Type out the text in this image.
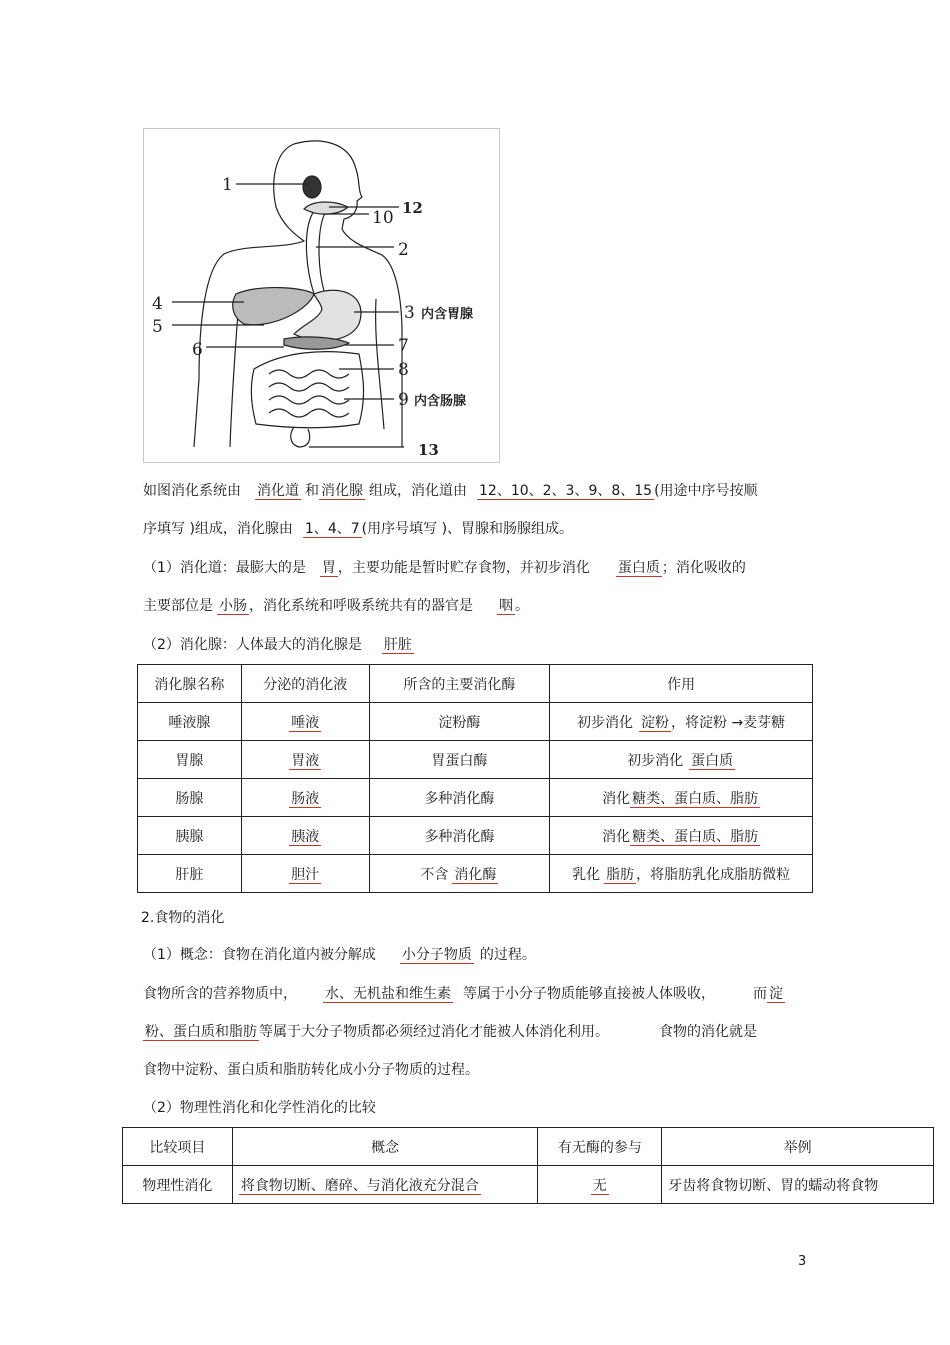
1
12
10
2
4
5
6
3 内含胃腺
7
8
9 内含肠腺
13
如图消化系统由 消化道 和 消化腺 组成，消化道由 12、10、2、3、9、8、15 (用途中序号按顺
序填写 )组成，消化腺由 1、4、7 (用序号填写 )、胃腺和肠腺组成。
（1）消化道：最膨大的是 胃 ，主要功能是暂时贮存食物，并初步消化 蛋白质 ；消化吸收的
主要部位是 小肠 ，消化系统和呼吸系统共有的器官是 咽 。
（2）消化腺：人体最大的消化腺是 肝脏
消化腺名称	分泌的消化液	所含的主要消化酶	作用
唾液腺	唾液	淀粉酶	初步消化 淀粉 ，将淀粉 →麦芽糖
胃腺	胃液	胃蛋白酶	初步消化 蛋白质
肠腺	肠液	多种消化酶	消化 糖类、蛋白质、脂肪
胰腺	胰液	多种消化酶	消化 糖类、蛋白质、脂肪
肝脏	胆汁	不含 消化酶	乳化 脂肪 ，将脂肪乳化成脂肪微粒
2.食物的消化
（1）概念：食物在消化道内被分解成 小分子物质 的过程。
食物所含的营养物质中， 水、无机盐和维生素 等属于小分子物质能够直接被人体吸收，	而 淀
粉、蛋白质和脂肪 等属于大分子物质都必须经过消化才能被人体消化利用。	食物的消化就是
食物中淀粉、蛋白质和脂肪转化成小分子物质的过程。
（2）物理性消化和化学性消化的比较
比较项目	概念	有无酶的参与	举例
物理性消化	将食物切断、磨碎、与消化液充分混合	无	牙齿将食物切断、胃的蠕动将食物
3
